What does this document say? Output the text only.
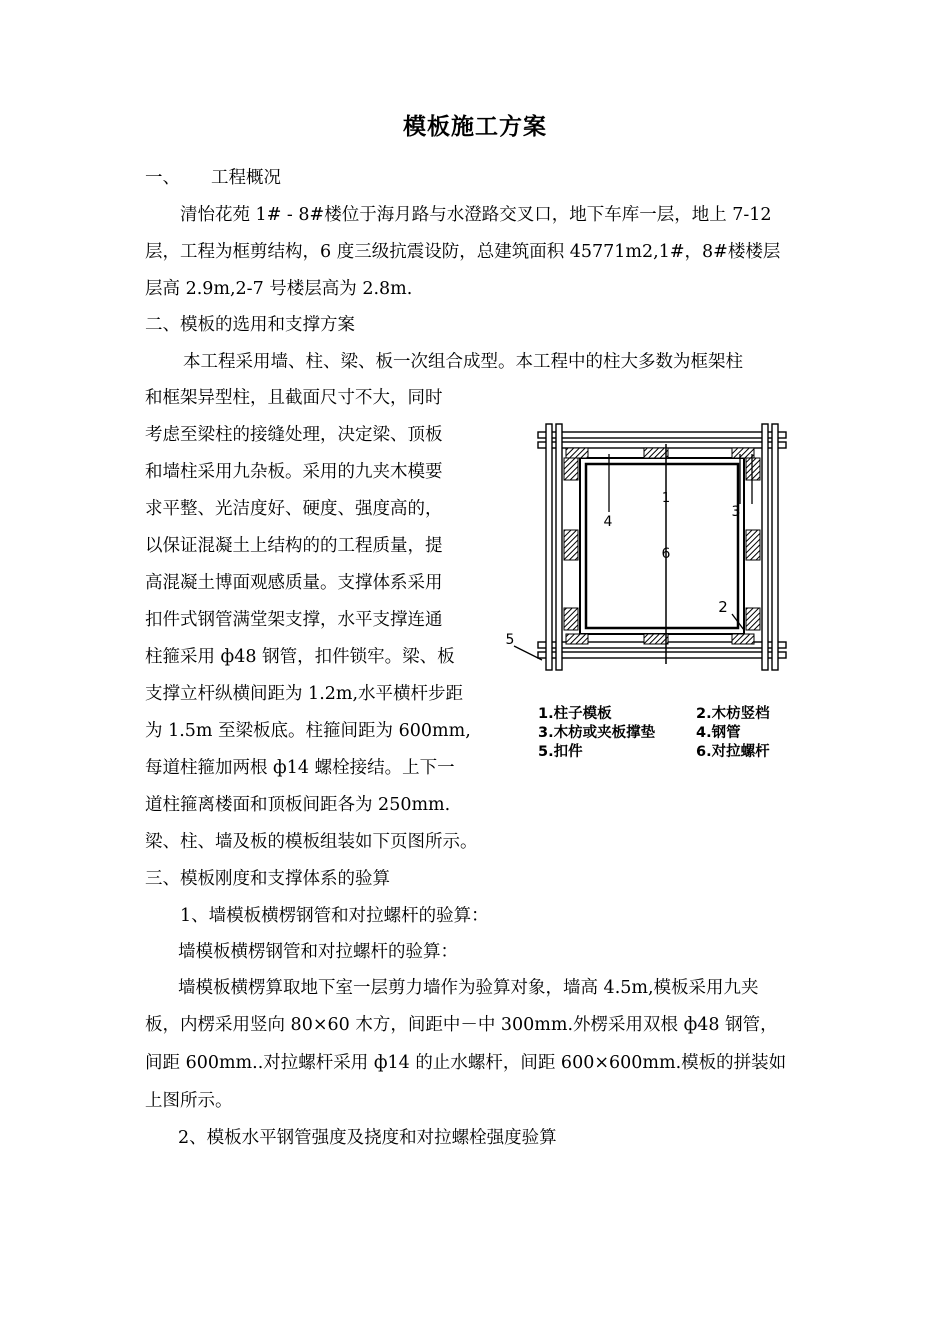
模板施工方案
一、 工程概况
清怡花苑 1# - 8#楼位于海月路与水澄路交叉口，地下车库一层，地上 7-12
层，工程为框剪结构，6 度三级抗震设防，总建筑面积 45771m2,1#，8#楼楼层
层高 2.9m,2-7 号楼层高为 2.8m.
二、模板的选用和支撑方案
本工程采用墙、柱、梁、板一次组合成型。本工程中的柱大多数为框架柱
和框架异型柱，且截面尺寸不大，同时
考虑至梁柱的接缝处理，决定梁、顶板
和墙柱采用九杂板。采用的九夹木模要
求平整、光洁度好、硬度、强度高的，
以保证混凝土上结构的的工程质量，提
高混凝土博面观感质量。支撑体系采用
扣件式钢管满堂架支撑，水平支撑连通
柱箍采用 ф48 钢管，扣件锁牢。梁、板
支撑立杆纵横间距为 1.2m,水平横杆步距
为 1.5m 至梁板底。柱箍间距为 600mm,
每道柱箍加两根 ф14 螺栓接结。上下一
道柱箍离楼面和顶板间距各为 250mm.
梁、柱、墙及板的模板组装如下页图所示。
三、模板刚度和支撑体系的验算
1、墙模板横楞钢管和对拉螺杆的验算：
墙模板横楞钢管和对拉螺杆的验算：
墙模板横楞算取地下室一层剪力墙作为验算对象，墙高 4.5m,模板采用九夹
板，内楞采用竖向 80×60 木方，间距中－中 300mm.外楞采用双根 ф48 钢管，
间距 600mm..对拉螺杆采用 ф14 的止水螺杆，间距 600×600mm.模板的拼装如
上图所示。
2、模板水平钢管强度及挠度和对拉螺栓强度验算
1
2
3
4
5
6
1.柱子模板	2.木枋竖档
3.木枋或夹板撑垫	4.钢管
5.扣件	6.对拉螺杆
